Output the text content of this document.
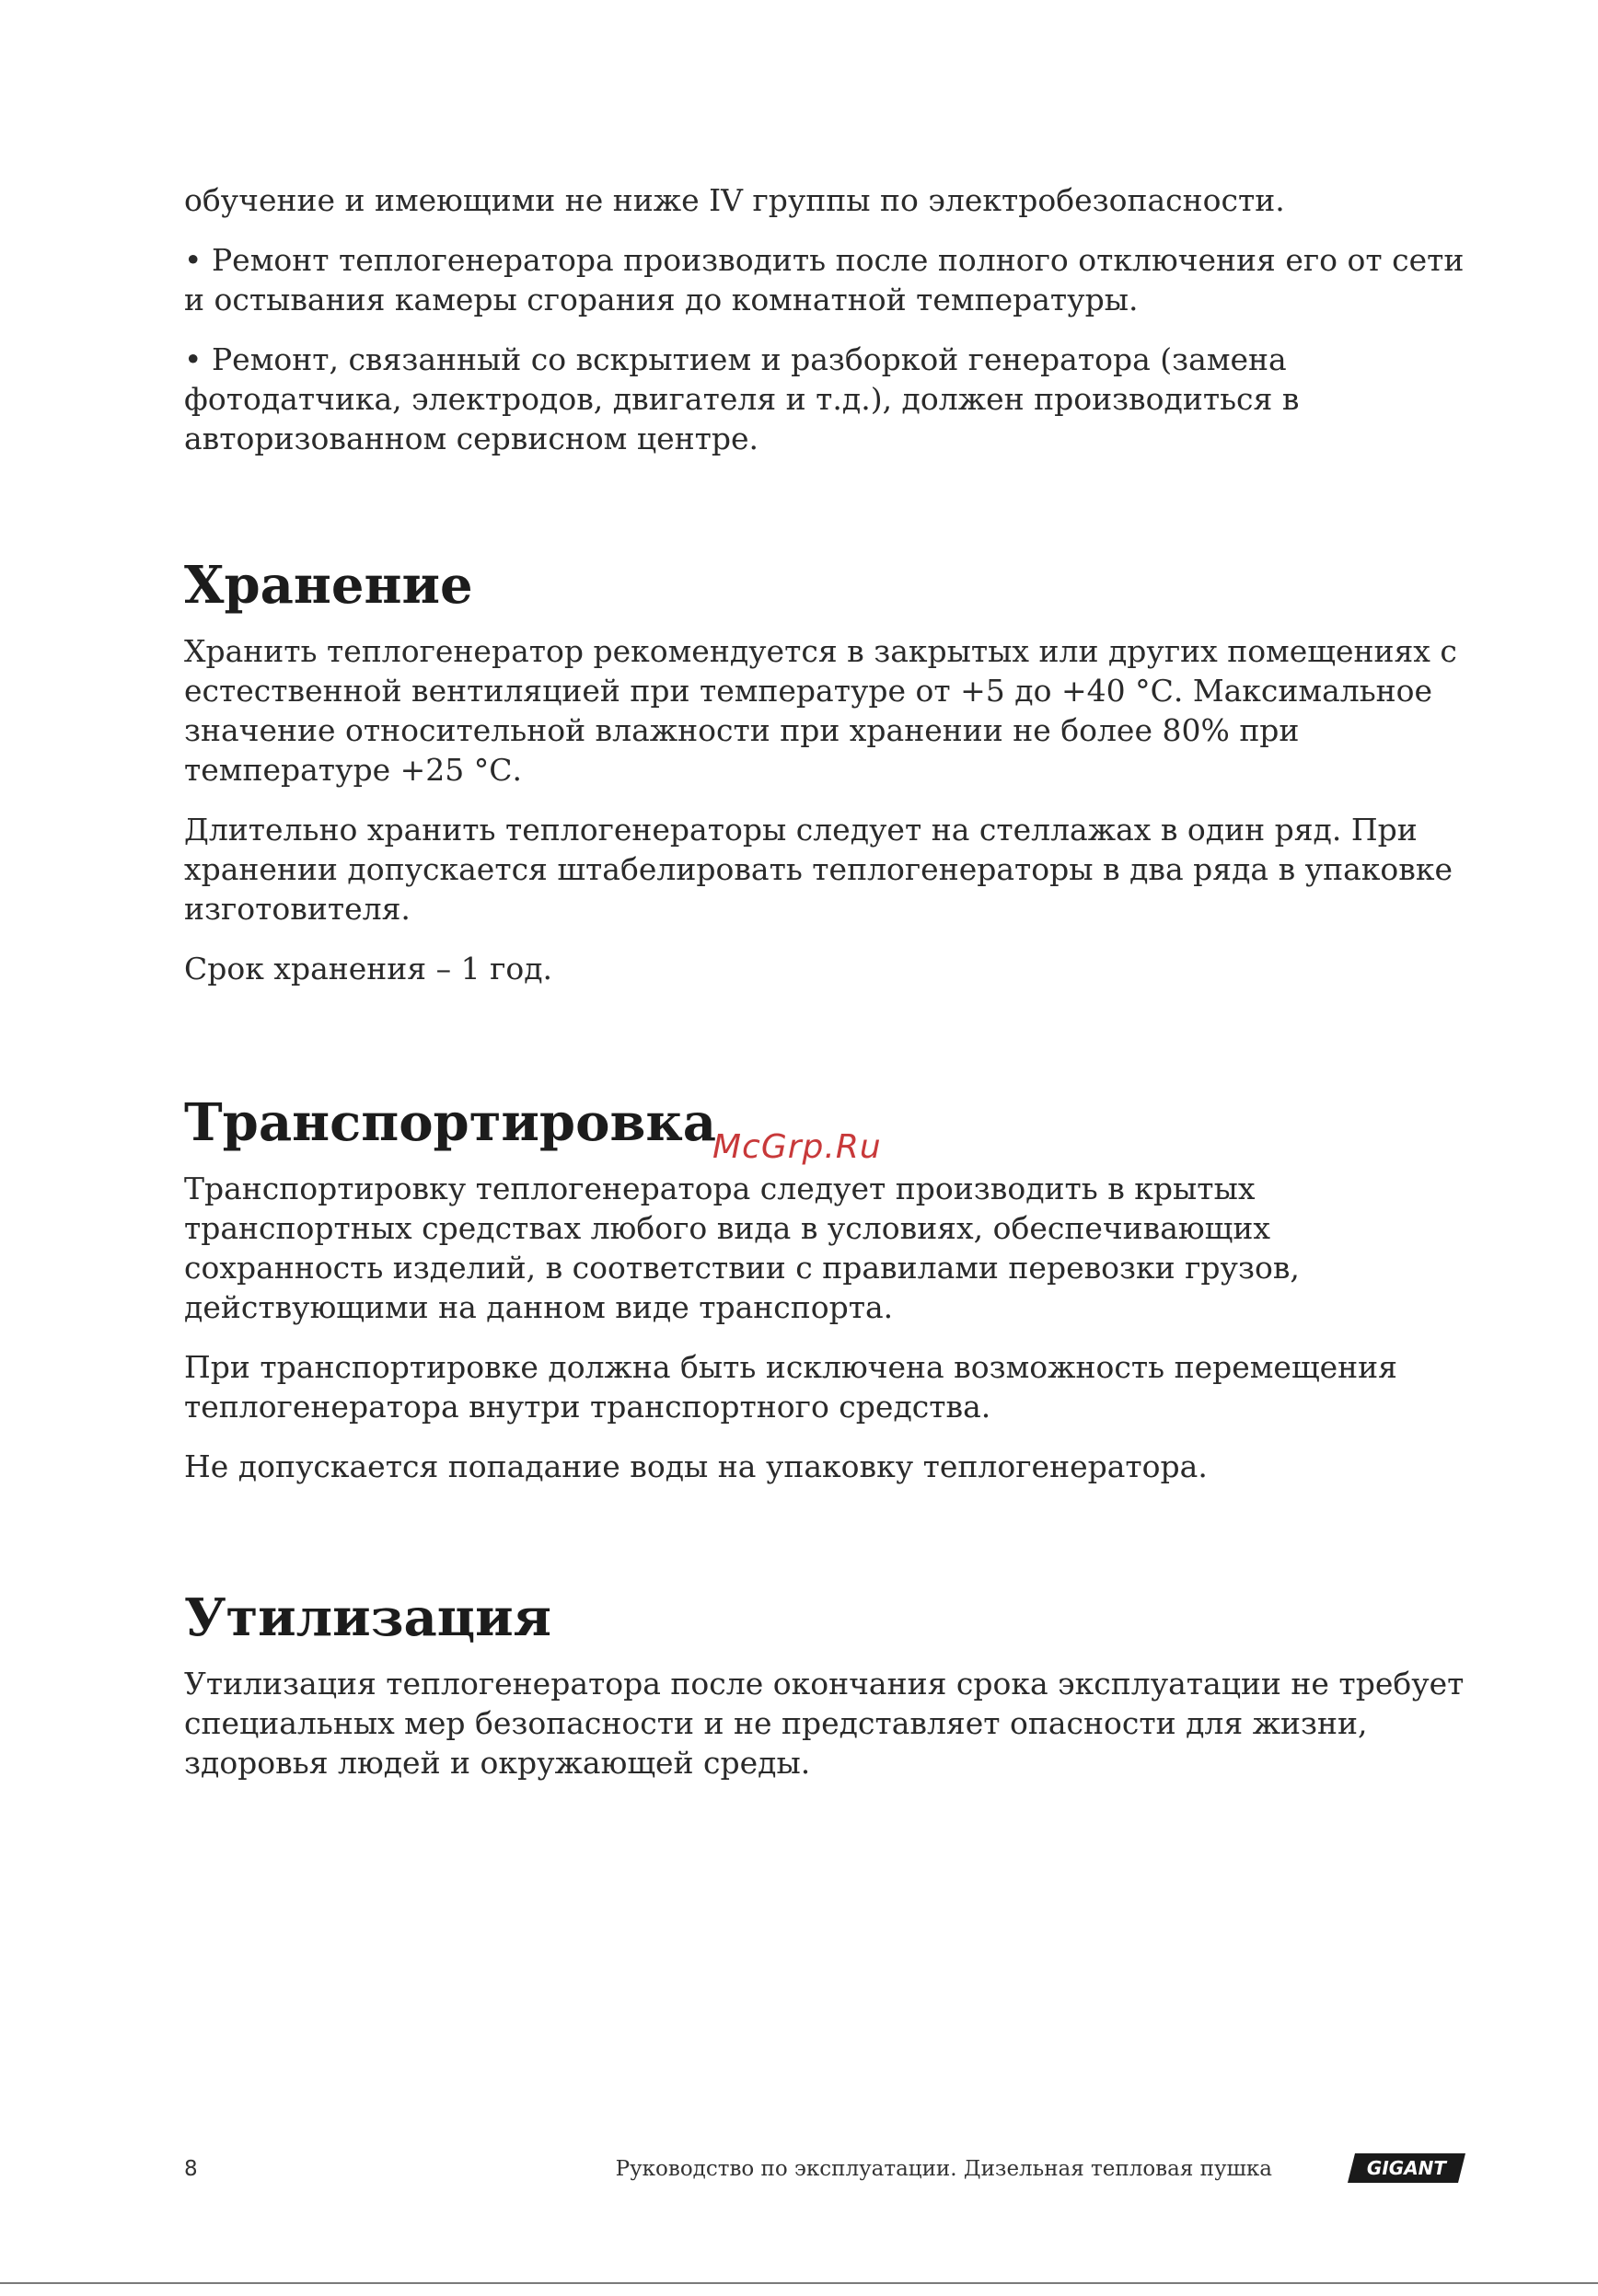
обучение и имеющими не ниже IV группы по электробезопасности.

• Ремонт теплогенератора производить после полного отключения его от сети и остывания камеры сгорания до комнатной температуры.

• Ремонт, связанный со вскрытием и разборкой генератора (замена фотодатчика, электродов, двигателя и т.д.), должен производиться в авторизованном сервисном центре.

Хранение

Хранить теплогенератор рекомендуется в закрытых или других помещениях с естественной вентиляцией при температуре от +5 до +40 °С. Максимальное значение относительной влажности при хранении не более 80% при температуре +25 °С.

Длительно хранить теплогенераторы следует на стеллажах в один ряд. При хранении допускается штабелировать теплогенераторы в два ряда в упаковке изготовителя.

Срок хранения – 1 год.

Транспортировка

Транспортировку теплогенератора следует производить в крытых транспортных средствах любого вида в условиях, обеспечивающих сохранность изделий, в соответствии с правилами перевозки грузов, действующими на данном виде транспорта.

При транспортировке должна быть исключена возможность перемещения теплогенератора внутри транспортного средства.

Не допускается попадание воды на упаковку теплогенератора.

McGrp.Ru
Утилизация

Утилизация теплогенератора после окончания срока эксплуатации не требует специальных мер безопасности и не представляет опасности для жизни, здоровья людей и окружающей среды.

8	Руководство по эксплуатации. Дизельная тепловая пушка	GIGANT
